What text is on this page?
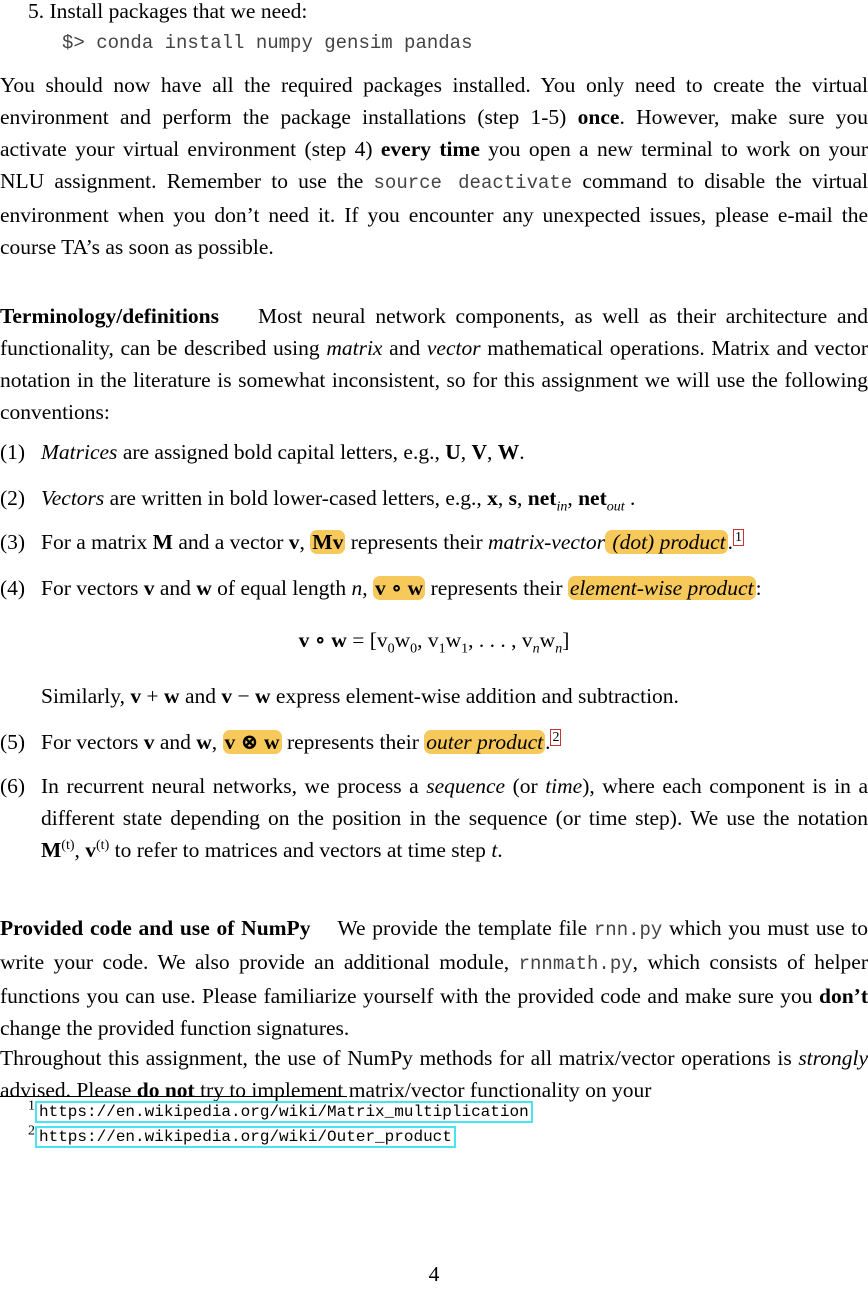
5. Install packages that we need:
$> conda install numpy gensim pandas

You should now have all the required packages installed. You only need to create the virtual environment and perform the package installations (step 1-5) once. However, make sure you activate your virtual environment (step 4) every time you open a new terminal to work on your NLU assignment. Remember to use the source deactivate command to disable the virtual environment when you don’t need it. If you encounter any unexpected issues, please e-mail the course TA’s as soon as possible.

Terminology/definitions Most neural network components, as well as their architecture and functionality, can be described using matrix and vector mathematical operations. Matrix and vector notation in the literature is somewhat inconsistent, so for this assignment we will use the following conventions:

(1) Matrices are assigned bold capital letters, e.g., U, V, W.
(2) Vectors are written in bold lower-cased letters, e.g., x, s, net$_{in}$, net$_{out}$ .
(3) For a matrix M and a vector v, Mv represents their matrix-vector (dot) product. $^1$
(4) For vectors v and w of equal length n, v ∘ w represents their element-wise product:
v ∘ $w = [v_0w_0$, $v_1w_1$, . . . , $v_nw_n$]
Similarly, v + w and v − w express element-wise addition and subtraction.
(5) For vectors v and w, v ⊗ w represents their outer product. $^2$
(6) In recurrent neural networks, we process a sequence (or time), where each component is in a different state depending on the position in the sequence (or time step). We use the notation $M^{(t)}$, $v^{(t)}$ to refer to matrices and vectors at time step t.

Provided code and use of NumPy We provide the template file rnn.py which you must use to write your code. We also provide an additional module, rnnmath.py, which consists of helper functions you can use. Please familiarize yourself with the provided code and make sure you don’t change the provided function signatures.

Throughout this assignment, the use of NumPy methods for all matrix/vector operations is strongly advised. Please do not try to implement matrix/vector functionality on your

1 https://en.wikipedia.org/wiki/Matrix_multiplication
2 https://en.wikipedia.org/wiki/Outer_product
4
